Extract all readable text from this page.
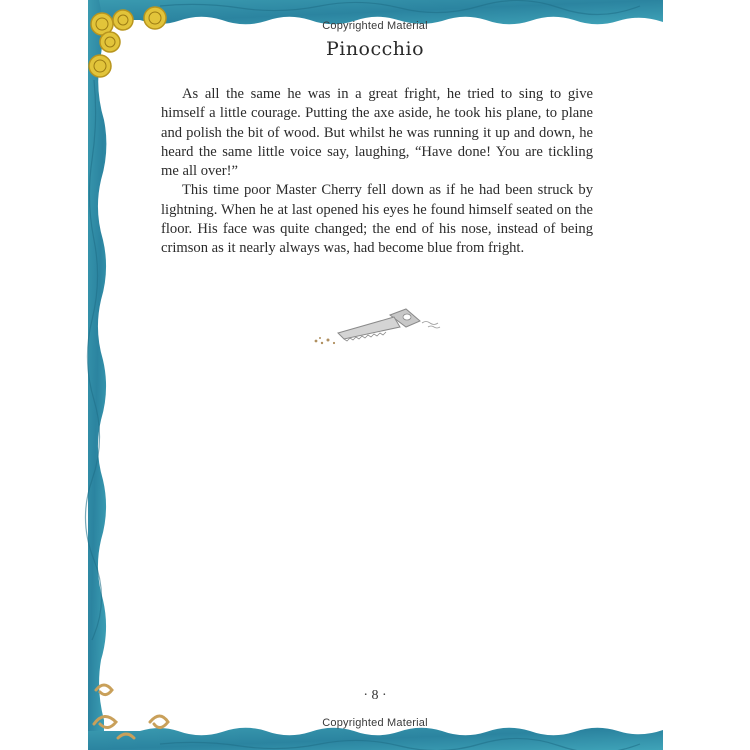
Copyrighted Material
Pinocchio

As all the same he was in a great fright, he tried to sing to give himself a little courage. Putting the axe aside, he took his plane, to plane and polish the bit of wood. But whilst he was running it up and down, he heard the same little voice say, laughing, “Have done! You are tickling me all over!”

This time poor Master Cherry fell down as if he had been struck by lightning. When he at last opened his eyes he found himself seated on the floor. His face was quite changed; the end of his nose, instead of being crimson as it nearly always was, had become blue from fright.

· 8 ·
Copyrighted Material
